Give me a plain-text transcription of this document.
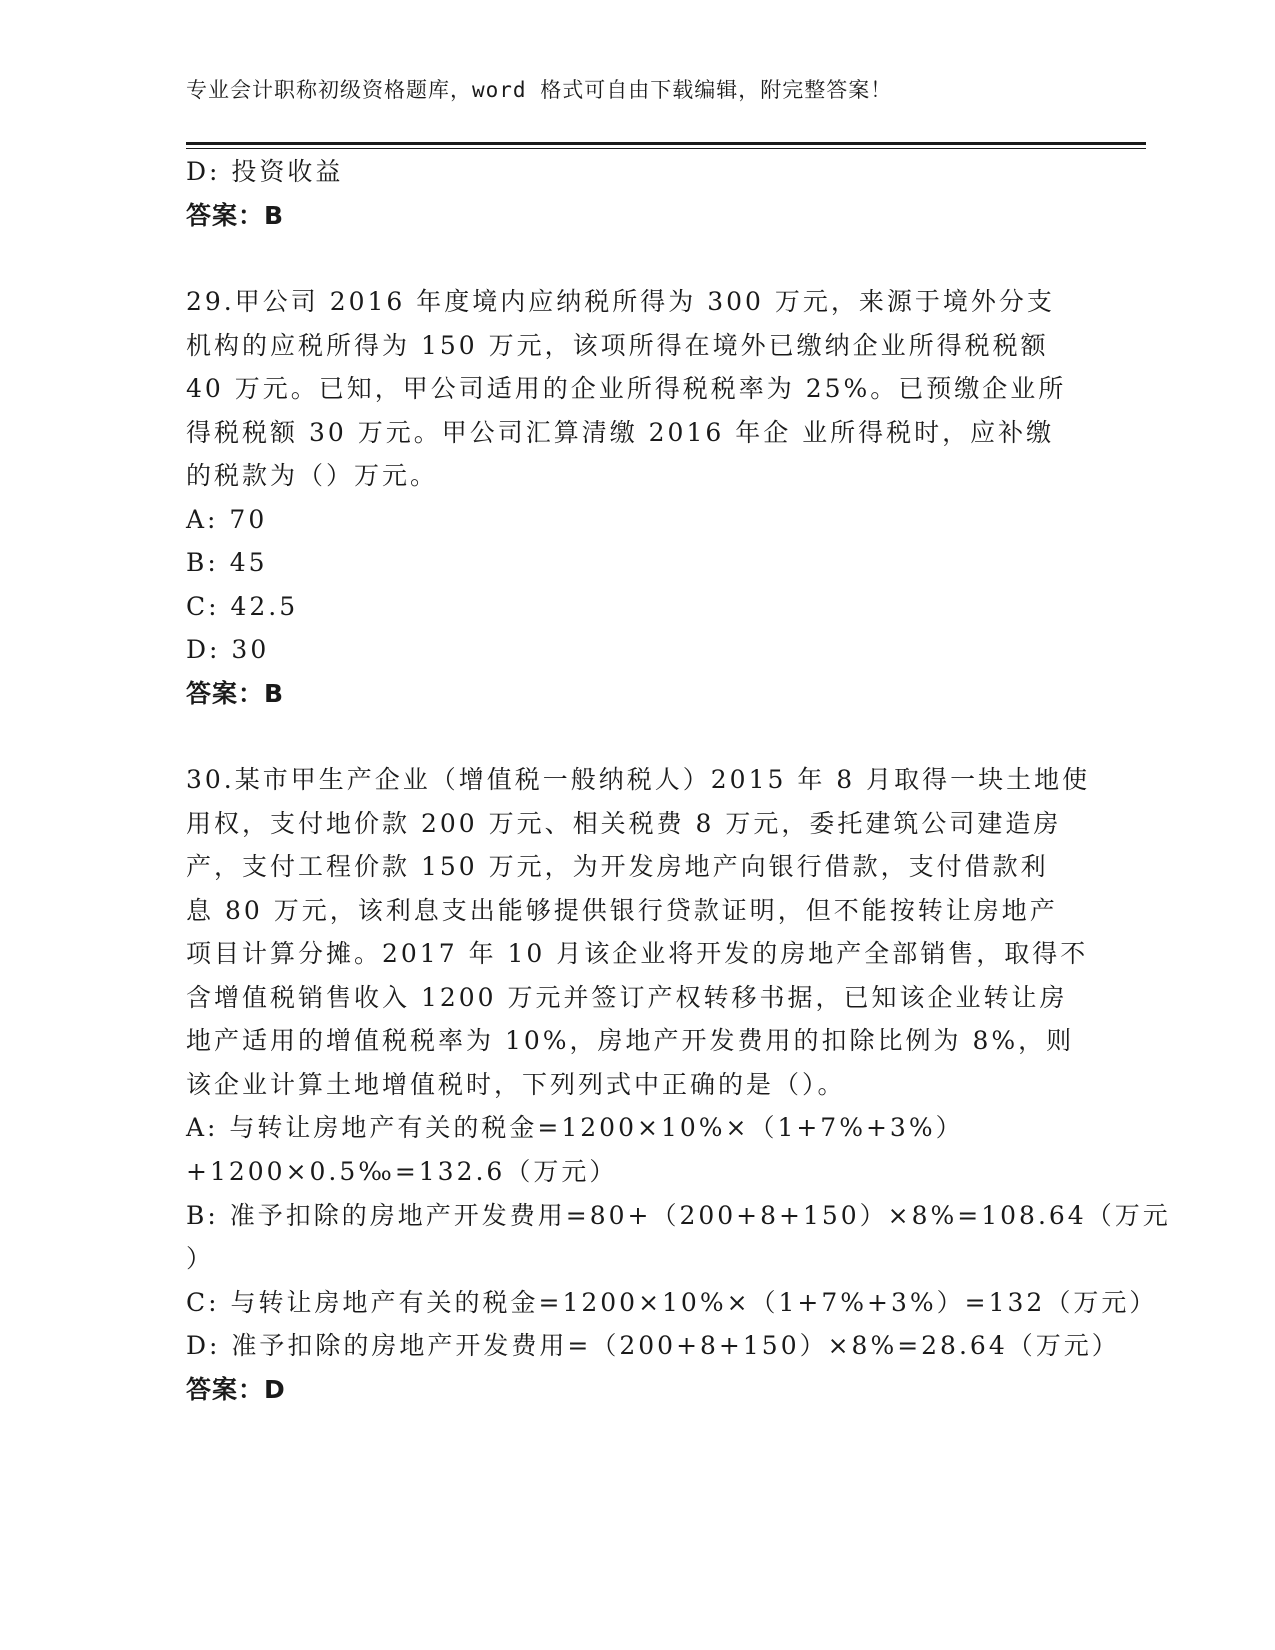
专业会计职称初级资格题库，word 格式可自由下载编辑，附完整答案！
D: 投资收益
答案：B
29.甲公司 2016 年度境内应纳税所得为 300 万元，来源于境外分支
机构的应税所得为 150 万元，该项所得在境外已缴纳企业所得税税额
40 万元。已知，甲公司适用的企业所得税税率为 25%。已预缴企业所
得税税额 30 万元。甲公司汇算清缴 2016 年企 业所得税时，应补缴
的税款为（）万元。
A: 70
B: 45
C: 42.5
D: 30
答案：B
30.某市甲生产企业（增值税一般纳税人）2015 年 8 月取得一块土地使
用权，支付地价款 200 万元、相关税费 8 万元，委托建筑公司建造房
产，支付工程价款 150 万元，为开发房地产向银行借款，支付借款利
息 80 万元，该利息支出能够提供银行贷款证明，但不能按转让房地产
项目计算分摊。2017 年 10 月该企业将开发的房地产全部销售，取得不
含增值税销售收入 1200 万元并签订产权转移书据，已知该企业转让房
地产适用的增值税税率为 10%，房地产开发费用的扣除比例为 8%，则
该企业计算土地增值税时，下列列式中正确的是（）。
A: 与转让房地产有关的税金=1200×10%×（1+7%+3%）
+1200×0.5‰=132.6（万元）
B: 准予扣除的房地产开发费用=80+（200+8+150）×8%=108.64（万元
）
C: 与转让房地产有关的税金=1200×10%×（1+7%+3%）=132（万元）
D: 准予扣除的房地产开发费用=（200+8+150）×8%=28.64（万元）
答案：D
